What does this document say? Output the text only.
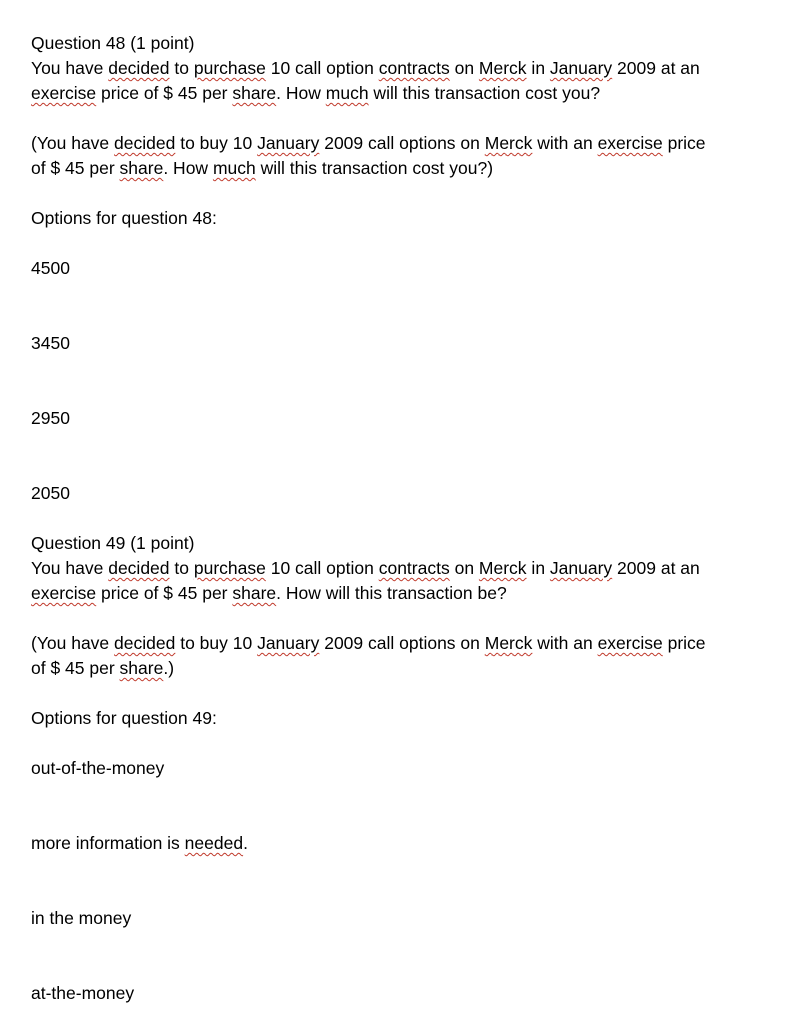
Question 48 (1 point)

You have decided to purchase 10 call option contracts on Merck in January 2009 at an

exercise price of $ 45 per share. How much will this transaction cost you?

(You have decided to buy 10 January 2009 call options on Merck with an exercise price

of $ 45 per share. How much will this transaction cost you?)

Options for question 48:

4500

3450

2950

2050

Question 49 (1 point)

You have decided to purchase 10 call option contracts on Merck in January 2009 at an

exercise price of $ 45 per share. How will this transaction be?

(You have decided to buy 10 January 2009 call options on Merck with an exercise price

of $ 45 per share.)

Options for question 49:

out-of-the-money

more information is needed.

in the money

at-the-money
